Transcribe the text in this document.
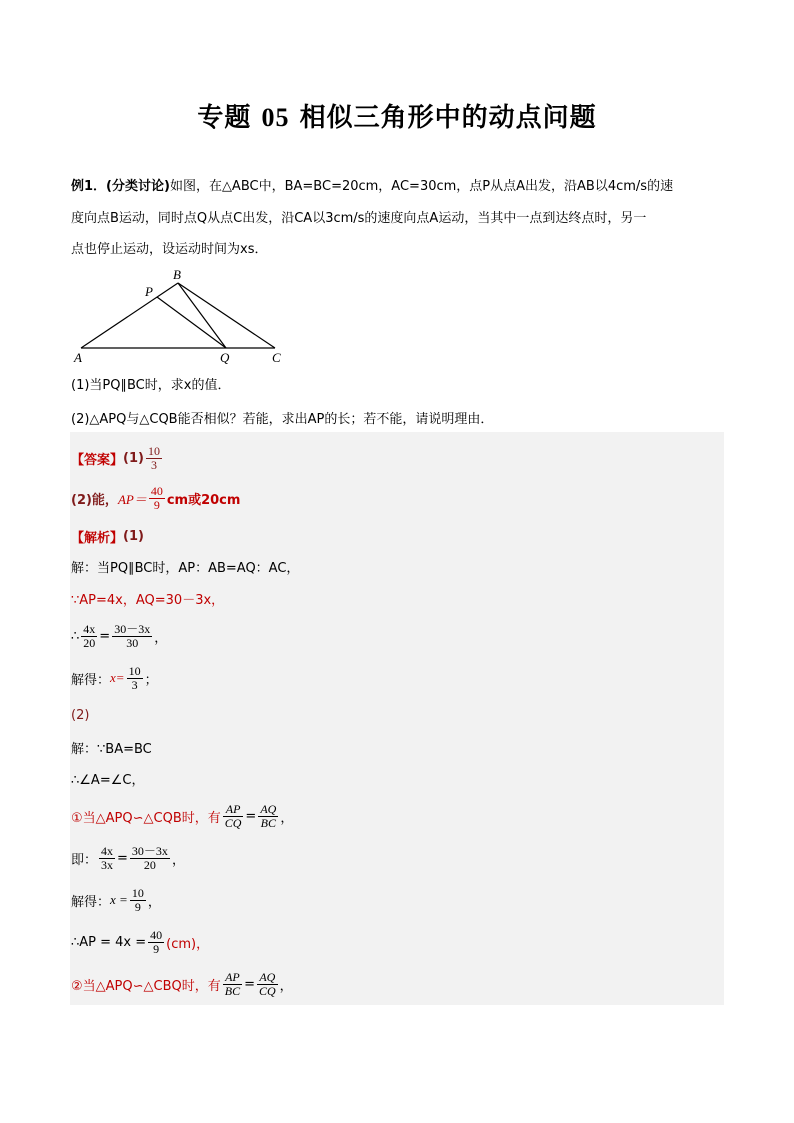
专题 05 相似三角形中的动点问题
例1．(分类讨论)如图，在△ABC中，BA=BC=20cm，AC=30cm，点P从点A出发，沿AB以4cm/s的速
度向点B运动，同时点Q从点C出发，沿CA以3cm/s的速度向点A运动，当其中一点到达终点时，另一
点也停止运动，设运动时间为xs．
A
B
C
P
Q
(1)当PQ∥BC时，求x的值．
(2)△APQ与△CQB能否相似？若能，求出AP的长；若不能，请说明理由．
【答案】 $(1) \frac{10}{3}$
(2)能， $AP= \frac{40}{9}$ cm或20cm
【解析】 (1)
解：当PQ∥BC时，AP：AB=AQ：AC，
∵AP=4x，AQ=30－3x，
∴ $\frac{4x}{20} = \frac{30-3x}{30}$ ，
解得： $x= \frac{10}{3}$ ；
(2)
解：∵BA=BC
∴∠A=∠C，
①当△APQ∽△CQB时，有 $\frac{AP}{CQ} = \frac{AQ}{BC}$ ，
即： $\frac{4x}{3x} = \frac{30-3x}{20}$ ，
解得： $x = \frac{10}{9}$ ，
∴AP = $4x = \frac{40}{9} (cm)$，
②当△APQ∽△CBQ时，有 $\frac{AP}{BC} = \frac{AQ}{CQ}$ ，
